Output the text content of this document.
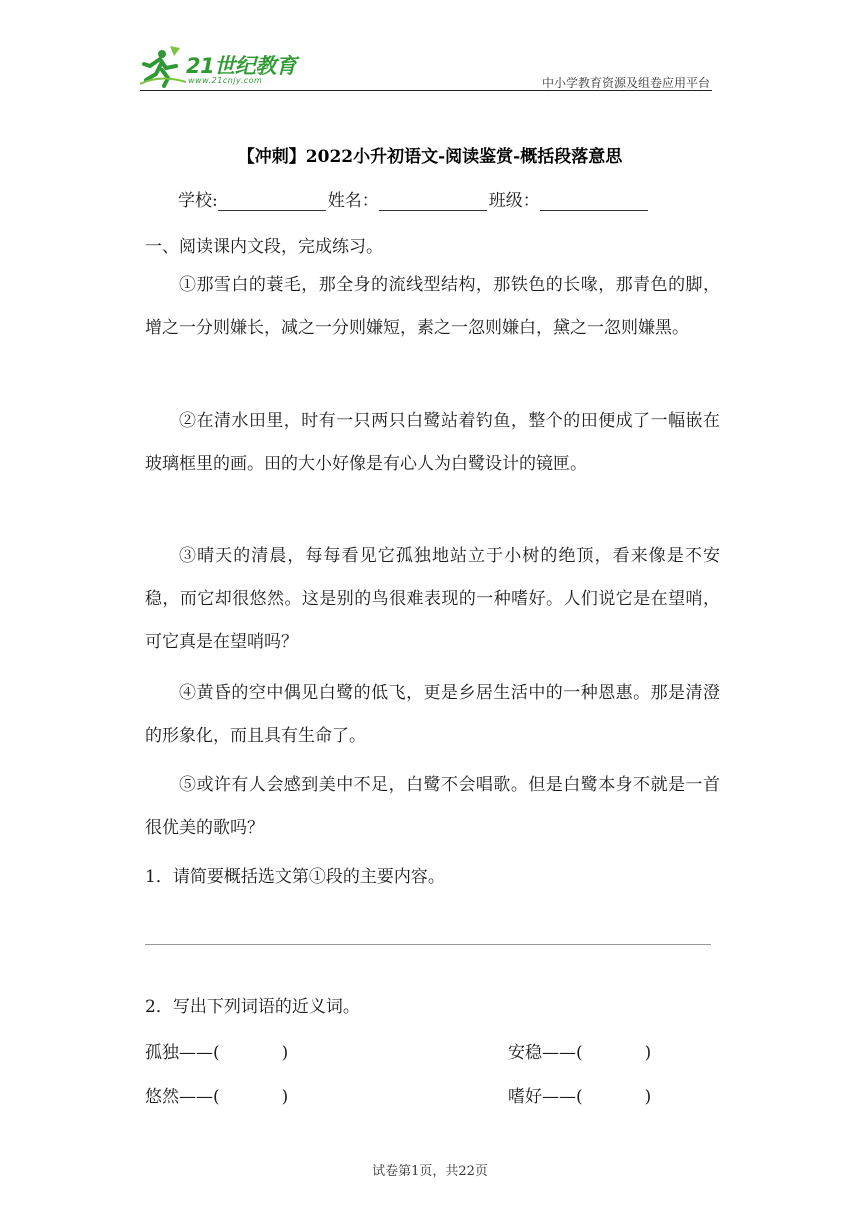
21世纪教育
www.21cnjy.com	中小学教育资源及组卷应用平台
【冲刺】2022小升初语文-阅读鉴赏-概括段落意思
学校:	姓名：	班级：
一、阅读课内文段，完成练习。

①那雪白的蓑毛，那全身的流线型结构，那铁色的长喙，那青色的脚，增之一分则嫌长，减之一分则嫌短，素之一忽则嫌白，黛之一忽则嫌黑。

②在清水田里，时有一只两只白鹭站着钓鱼，整个的田便成了一幅嵌在玻璃框里的画。田的大小好像是有心人为白鹭设计的镜匣。

③晴天的清晨，每每看见它孤独地站立于小树的绝顶，看来像是不安稳，而它却很悠然。这是别的鸟很难表现的一种嗜好。人们说它是在望哨，可它真是在望哨吗？

④黄昏的空中偶见白鹭的低飞，更是乡居生活中的一种恩惠。那是清澄的形象化，而且具有生命了。

⑤或许有人会感到美中不足，白鹭不会唱歌。但是白鹭本身不就是一首很优美的歌吗？

1．请简要概括选文第①段的主要内容。
2．写出下列词语的近义词。
孤独——(	)	安稳——(	)
悠然——(	)	嗜好——(	)
试卷第1页，共22页
